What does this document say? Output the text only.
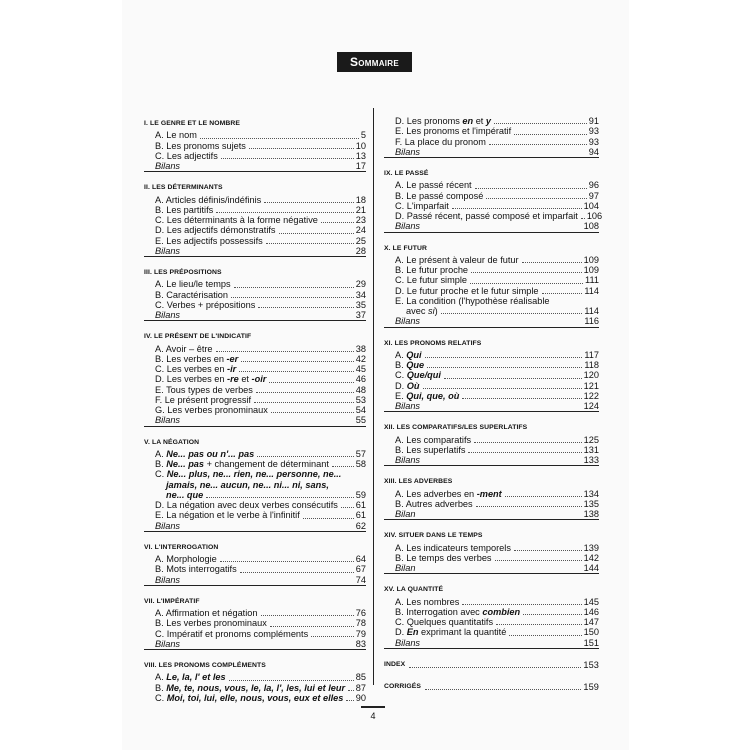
Sommaire
I. LE GENRE ET LE NOMBRE
A. Le nom	5
B. Les pronoms sujets	10
C. Les adjectifs	13
Bilans	17
II. LES DÉTERMINANTS
A. Articles définis/indéfinis	18
B. Les partitifs	21
C. Les déterminants à la forme négative	23
D. Les adjectifs démonstratifs	24
E. Les adjectifs possessifs	25
Bilans	28
III. LES PRÉPOSITIONS
A. Le lieu/le temps	29
B. Caractérisation	34
C. Verbes + prépositions	35
Bilans	37
IV. LE PRÉSENT DE L'INDICATIF
A. Avoir – être	38
B. Les verbes en -er	42
C. Les verbes en -ir	45
D. Les verbes en -re et -oir	46
E. Tous types de verbes	48
F. Le présent progressif	53
G. Les verbes pronominaux	54
Bilans	55
V. LA NÉGATION
A. Ne... pas ou n'... pas	57
B. Ne... pas + changement de déterminant	58
C. Ne... plus, ne... rien, ne... personne, ne...
jamais, ne... aucun, ne... ni... ni, sans,
ne... que	59
D. La négation avec deux verbes consécutifs 61
E. La négation et le verbe à l'infinitif	61
Bilans	62
VI. L'INTERROGATION
A. Morphologie	64
B. Mots interrogatifs	67
Bilans	74
VII. L'IMPÉRATIF
A. Affirmation et négation	76
B. Les verbes pronominaux	78
C. Impératif et pronoms compléments	79
Bilans	83
VIII. LES PRONOMS COMPLÉMENTS
A. Le, la, l' et les	85
B. Me, te, nous, vous, le, la, l', les, lui et leur 87
C. Moi, toi, lui, elle, nous, vous, eux et elles 90
D. Les pronoms en et y	91
E. Les pronoms et l'impératif	93
F. La place du pronom	93
Bilans	94
IX. LE PASSÉ
A. Le passé récent	96
B. Le passé composé	97
C. L'imparfait	104
D. Passé récent, passé composé et imparfait 106
Bilans	108
X. LE FUTUR
A. Le présent à valeur de futur	109
B. Le futur proche	109
C. Le futur simple	111
D. Le futur proche et le futur simple	114
E. La condition (l'hypothèse réalisable
avec si)	114
Bilans	116
XI. LES PRONOMS RELATIFS
A. Qui	117
B. Que	118
C. Que/qui	120
D. Où	121
E. Qui, que, où	122
Bilans	124
XII. LES COMPARATIFS/LES SUPERLATIFS
A. Les comparatifs	125
B. Les superlatifs	131
Bilans	133
XIII. LES ADVERBES
A. Les adverbes en -ment	134
B. Autres adverbes	135
Bilan	138
XIV. SITUER DANS LE TEMPS
A. Les indicateurs temporels	139
B. Le temps des verbes	142
Bilan	144
XV. LA QUANTITÉ
A. Les nombres	145
B. Interrogation avec combien	146
C. Quelques quantitatifs	147
D. En exprimant la quantité	150
Bilans	151
INDEX	153
CORRIGÉS	159
4
